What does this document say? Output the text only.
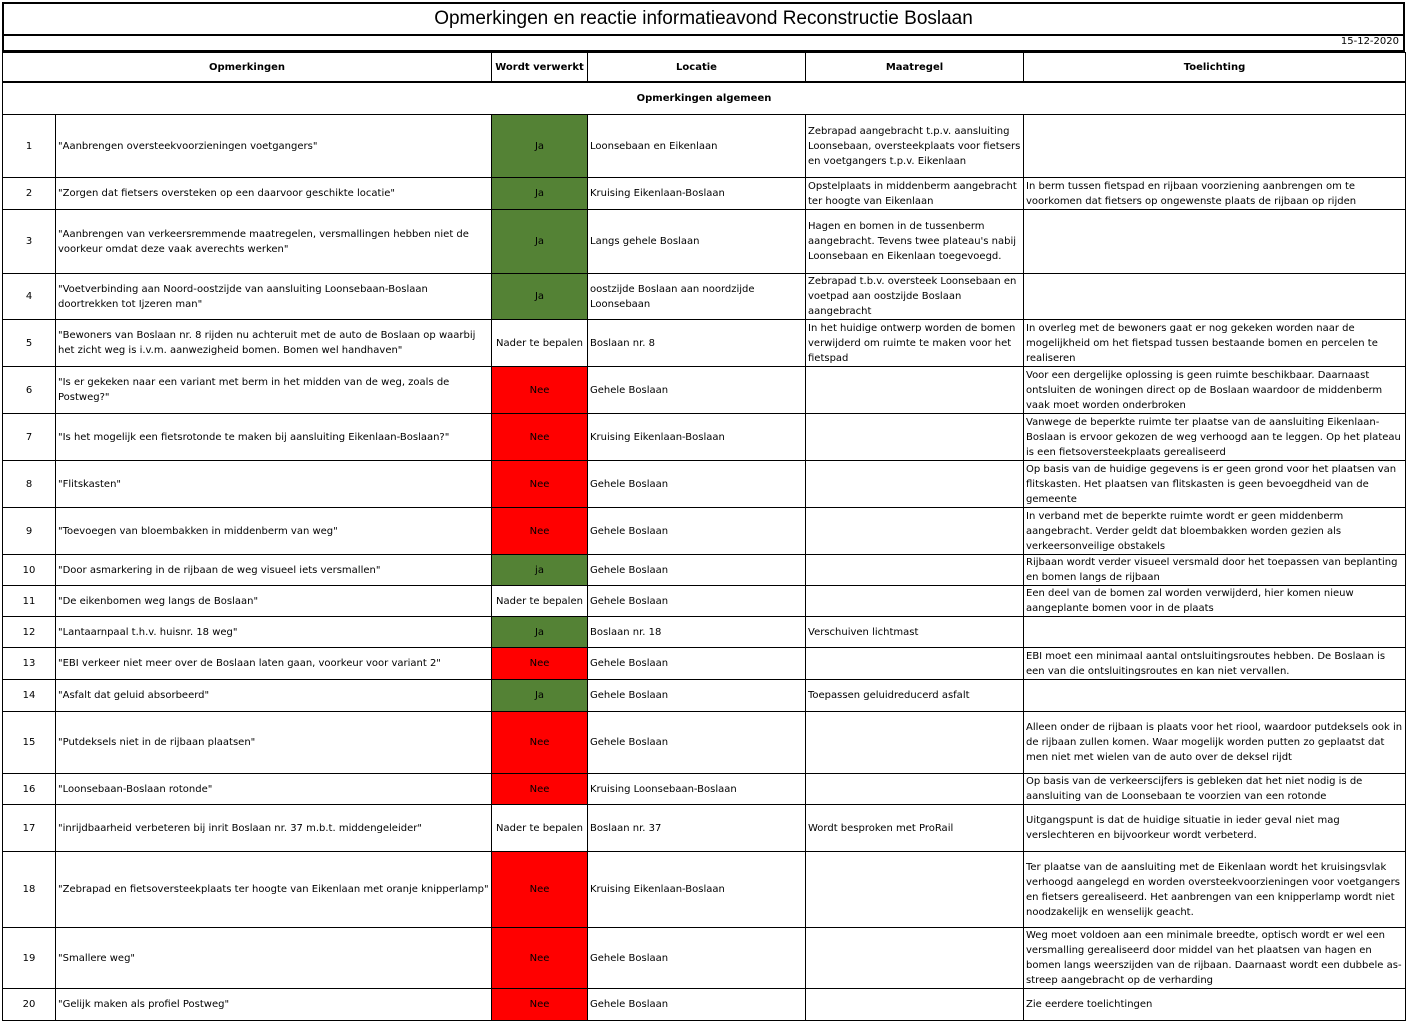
Opmerkingen en reactie informatieavond Reconstructie Boslaan
15-12-2020
Opmerkingen		Wordt verwerkt	Locatie	Maatregel	Toelichting
Opmerkingen algemeen					
1	"Aanbrengen oversteekvoorzieningen voetgangers"	Ja	Loonsebaan en Eikenlaan	Zebrapad aangebracht t.p.v. aansluiting Loonsebaan, oversteekplaats voor fietsers en voetgangers t.p.v. Eikenlaan	
2	"Zorgen dat fietsers oversteken op een daarvoor geschikte locatie"	Ja	Kruising Eikenlaan-Boslaan	Opstelplaats in middenberm aangebracht ter hoogte van Eikenlaan	In berm tussen fietspad en rijbaan voorziening aanbrengen om te voorkomen dat fietsers op ongewenste plaats de rijbaan op rijden
3	"Aanbrengen van verkeersremmende maatregelen, versmallingen hebben niet de voorkeur omdat deze vaak averechts werken"	Ja	Langs gehele Boslaan	Hagen en bomen in de tussenberm aangebracht. Tevens twee plateau's nabij Loonsebaan en Eikenlaan toegevoegd.	
4	"Voetverbinding aan Noord-oostzijde van aansluiting Loonsebaan-Boslaan doortrekken tot Ijzeren man"	Ja	oostzijde Boslaan aan noordzijde Loonsebaan	Zebrapad t.b.v. oversteek Loonsebaan en voetpad aan oostzijde Boslaan aangebracht	
5	"Bewoners van Boslaan nr. 8 rijden nu achteruit met de auto de Boslaan op waarbij het zicht weg is i.v.m. aanwezigheid bomen. Bomen wel handhaven"	Nader te bepalen	Boslaan nr. 8	In het huidige ontwerp worden de bomen verwijderd om ruimte te maken voor het fietspad	In overleg met de bewoners gaat er nog gekeken worden naar de mogelijkheid om het fietspad tussen bestaande bomen en percelen te realiseren
6	"Is er gekeken naar een variant met berm in het midden van de weg, zoals de Postweg?"	Nee	Gehele Boslaan		Voor een dergelijke oplossing is geen ruimte beschikbaar. Daarnaast ontsluiten de woningen direct op de Boslaan waardoor de middenberm vaak moet worden onderbroken
7	"Is het mogelijk een fietsrotonde te maken bij aansluiting Eikenlaan-Boslaan?"	Nee	Kruising Eikenlaan-Boslaan		Vanwege de beperkte ruimte ter plaatse van de aansluiting Eikenlaan-Boslaan is ervoor gekozen de weg verhoogd aan te leggen. Op het plateau is een fietsoversteekplaats gerealiseerd
8	"Flitskasten"	Nee	Gehele Boslaan		Op basis van de huidige gegevens is er geen grond voor het plaatsen van flitskasten. Het plaatsen van flitskasten is geen bevoegdheid van de gemeente
9	"Toevoegen van bloembakken in middenberm van weg"	Nee	Gehele Boslaan		In verband met de beperkte ruimte wordt er geen middenberm aangebracht. Verder geldt dat bloembakken worden gezien als verkeersonveilige obstakels
10	"Door asmarkering in de rijbaan de weg visueel iets versmallen"	ja	Gehele Boslaan		Rijbaan wordt verder visueel versmald door het toepassen van beplanting en bomen langs de rijbaan
11	"De eikenbomen weg langs de Boslaan"	Nader te bepalen	Gehele Boslaan		Een deel van de bomen zal worden verwijderd, hier komen nieuw aangeplante bomen voor in de plaats
12	"Lantaarnpaal t.h.v. huisnr. 18 weg"	Ja	Boslaan nr. 18	Verschuiven lichtmast	
13	"EBI verkeer niet meer over de Boslaan laten gaan, voorkeur voor variant 2"	Nee	Gehele Boslaan		EBI moet een minimaal aantal ontsluitingsroutes hebben. De Boslaan is een van die ontsluitingsroutes en kan niet vervallen.
14	"Asfalt dat geluid absorbeerd"	Ja	Gehele Boslaan	Toepassen geluidreducerd asfalt	
15	"Putdeksels niet in de rijbaan plaatsen"	Nee	Gehele Boslaan		Alleen onder de rijbaan is plaats voor het riool, waardoor putdeksels ook in de rijbaan zullen komen. Waar mogelijk worden putten zo geplaatst dat men niet met wielen van de auto over de deksel rijdt
16	"Loonsebaan-Boslaan rotonde"	Nee	Kruising Loonsebaan-Boslaan		Op basis van de verkeerscijfers is gebleken dat het niet nodig is de aansluiting van de Loonsebaan te voorzien van een rotonde
17	"inrijdbaarheid verbeteren bij inrit Boslaan nr. 37 m.b.t. middengeleider"	Nader te bepalen	Boslaan nr. 37	Wordt besproken met ProRail	Uitgangspunt is dat de huidige situatie in ieder geval niet mag verslechteren en bijvoorkeur wordt verbeterd.
18	"Zebrapad en fietsoversteekplaats ter hoogte van Eikenlaan met oranje knipperlamp"	Nee	Kruising Eikenlaan-Boslaan		Ter plaatse van de aansluiting met de Eikenlaan wordt het kruisingsvlak verhoogd aangelegd en worden oversteekvoorzieningen voor voetgangers en fietsers gerealiseerd. Het aanbrengen van een knipperlamp wordt niet noodzakelijk en wenselijk geacht.
19	"Smallere weg"	Nee	Gehele Boslaan		Weg moet voldoen aan een minimale breedte, optisch wordt er wel een versmalling gerealiseerd door middel van het plaatsen van hagen en bomen langs weerszijden van de rijbaan. Daarnaast wordt een dubbele as-streep aangebracht op de verharding
20	"Gelijk maken als profiel Postweg"	Nee	Gehele Boslaan		Zie eerdere toelichtingen
